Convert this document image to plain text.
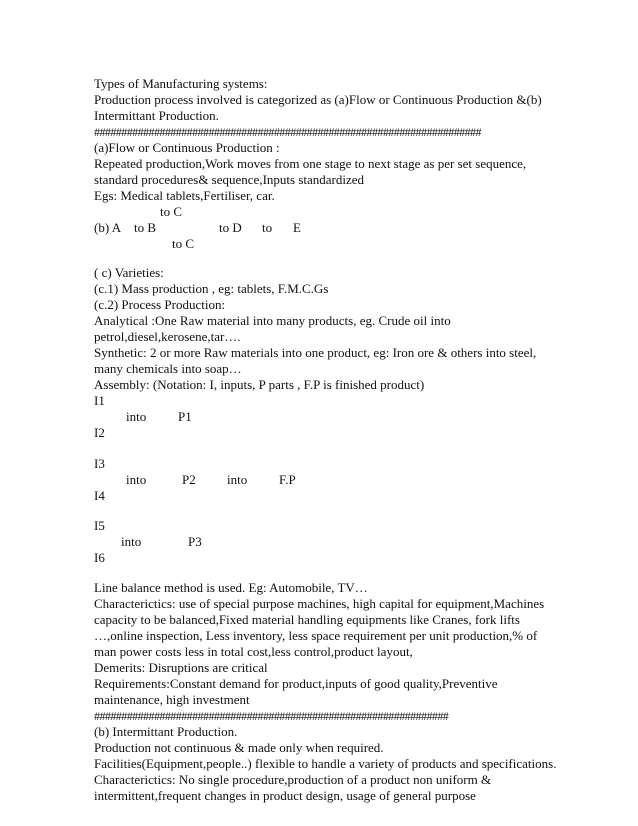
Types of Manufacturing systems:
Production process involved is categorized as (a)Flow or Continuous Production &(b)
Intermittant Production.
#######################################################################
(a)Flow or Continuous Production :
Repeated production,Work moves from one stage to next stage as per set sequence,
standard procedures& sequence,Inputs standardized
Egs: Medical tablets,Fertiliser, car.
to C
(b) A to B	to D to E
to C
( c) Varieties:
(c.1) Mass production , eg: tablets, F.M.C.Gs
(c.2) Process Production:
Analytical :One Raw material into many products, eg. Crude oil into
petrol,diesel,kerosene,tar….
Synthetic: 2 or more Raw materials into one product, eg: Iron ore & others into steel,
many chemicals into soap…
Assembly: (Notation: I, inputs, P parts , F.P is finished product)
I1
into P1
I2
I3
into	P2 into F.P
I4
I5
into	P3
I6
Line balance method is used. Eg: Automobile, TV…
Characterictics: use of special purpose machines, high capital for equipment,Machines
capacity to be balanced,Fixed material handling equipments like Cranes, fork lifts
…,online inspection, Less inventory, less space requirement per unit production,% of
man power costs less in total cost,less control,product layout,
Demerits: Disruptions are critical
Requirements:Constant demand for product,inputs of good quality,Preventive
maintenance, high investment
#################################################################
(b) Intermittant Production.
Production not continuous & made only when required.
Facilities(Equipment,people..) flexible to handle a variety of products and specifications.
Characterictics: No single procedure,production of a product non uniform &
intermittent,frequent changes in product design, usage of general purpose
